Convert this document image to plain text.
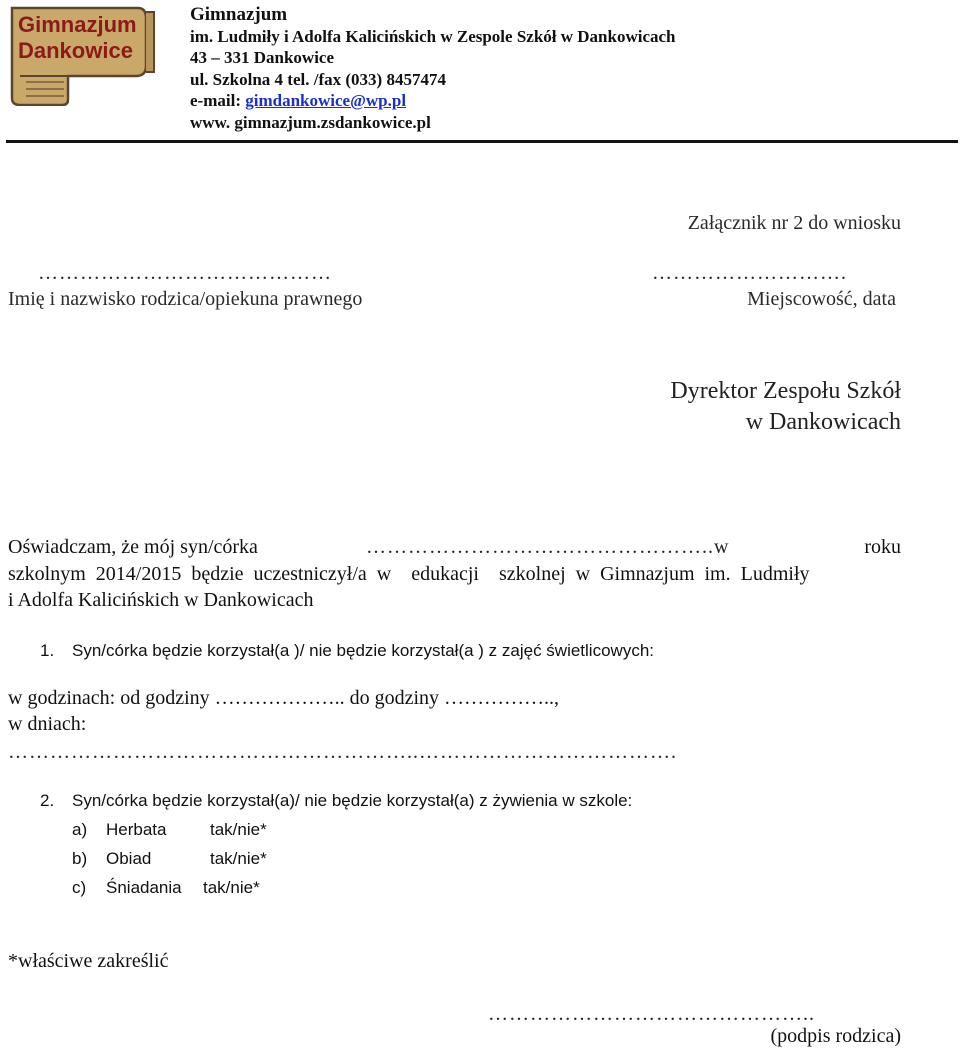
Gimnazjum
Dankowice
Gimnazjum
im. Ludmiły i Adolfa Kalicińskich w Zespole Szkół w Dankowicach
43 – 331 Dankowice
ul. Szkolna 4 tel. /fax (033) 8457474
e-mail: gimdankowice@wp.pl
www. gimnazjum.zsdankowice.pl
Załącznik nr 2 do wniosku
……………………………………
Imię i nazwisko rodzica/opiekuna prawnego
……………………….
Miejscowość, data
Dyrektor Zespołu Szkół
w Dankowicach
Oświadczam, że mój syn/córka	…………………………………………..w	roku
szkolnym  2014/2015  będzie  uczestniczył/a  w    edukacji    szkolnej  w  Gimnazjum  im.  Ludmiły
i Adolfa Kalicińskich w Dankowicach
1. Syn/córka będzie korzystał(a )/ nie będzie korzystał(a ) z zajęć świetlicowych:
w godzinach: od godziny ……………….. do godziny ……………..,
w dniach:
…………………………………………………..……………………………….
2. Syn/córka będzie korzystał(a)/ nie będzie korzystał(a) z żywienia w szkole:
a) Herbata	tak/nie*
b) Obiad	tak/nie*
c) Śniadania tak/nie*
*właściwe zakreślić
………………………………………..
(podpis rodzica)
